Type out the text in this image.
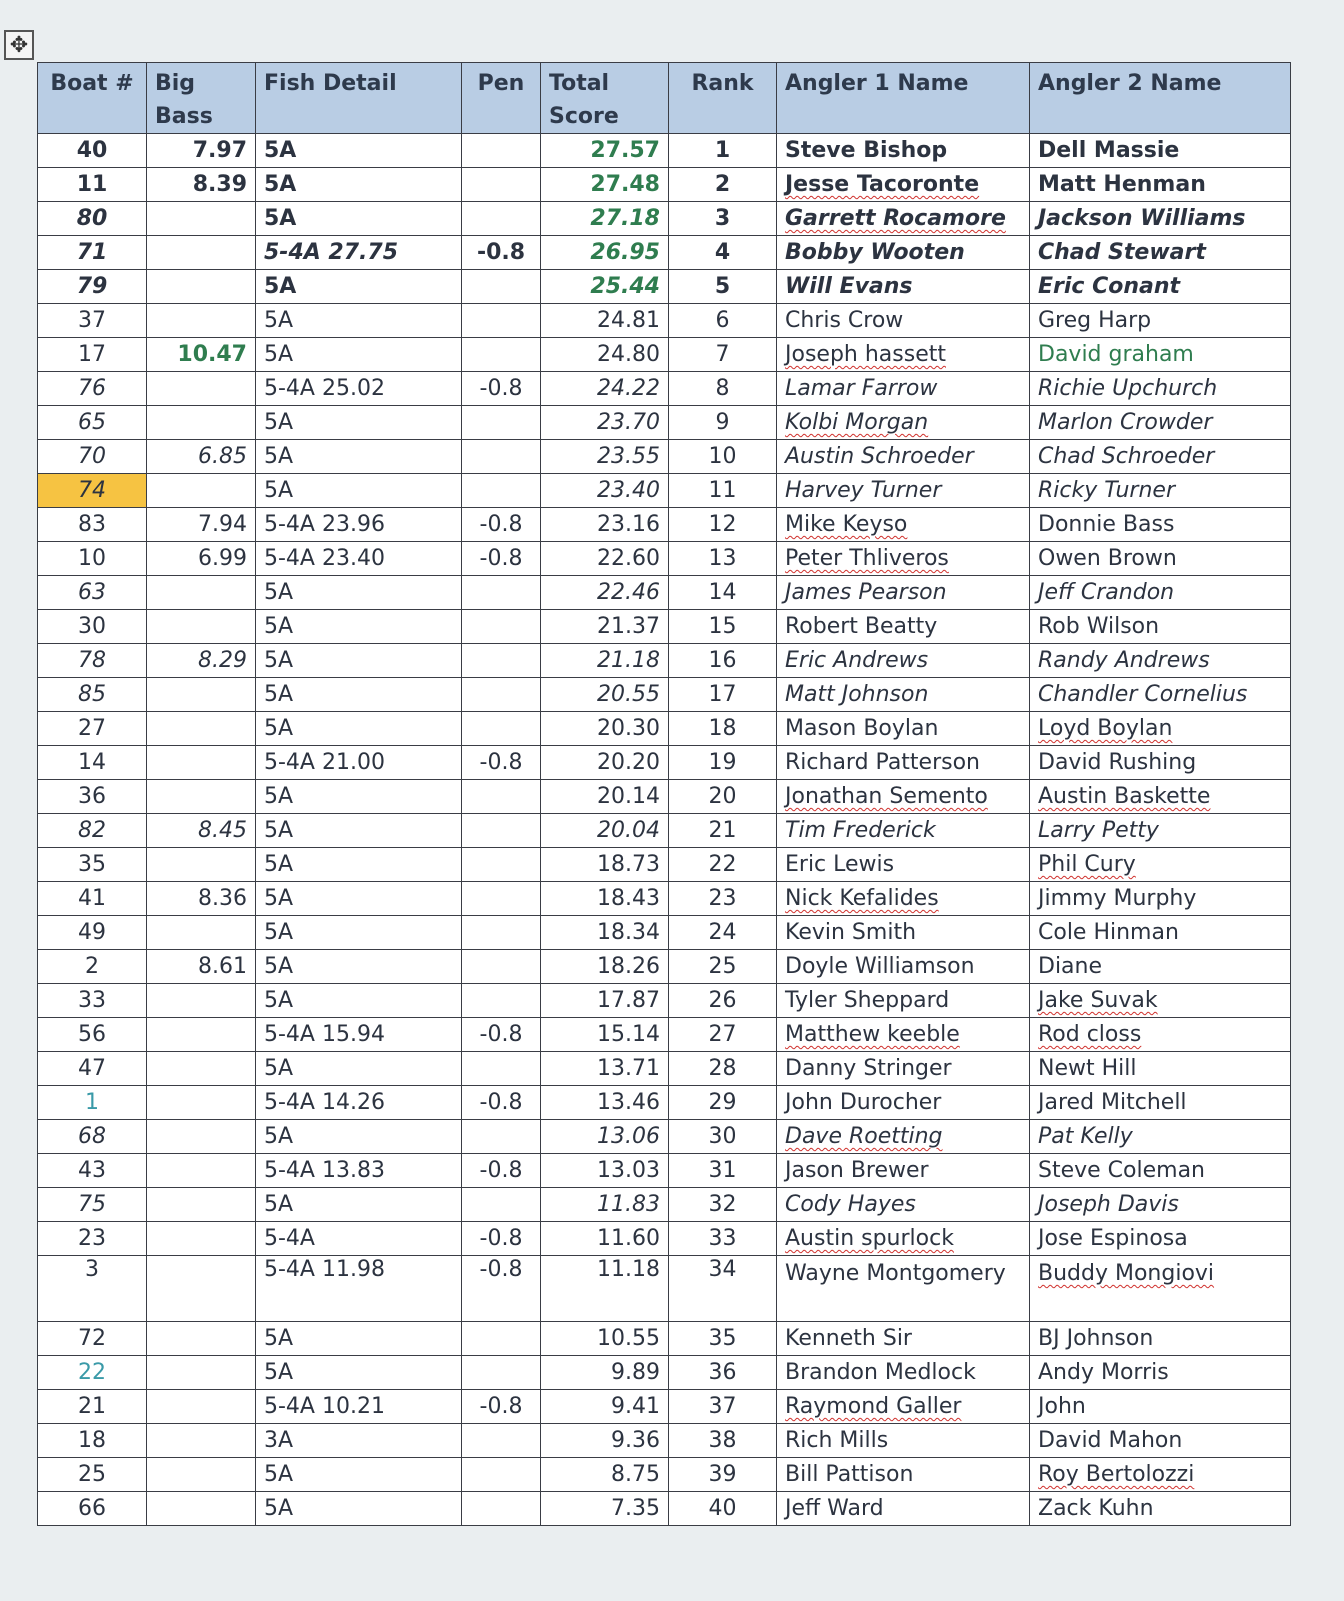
✥
Boat #	Big Bass	Fish Detail	Pen	Total Score	Rank	Angler 1 Name	Angler 2 Name
40	7.97	5A		27.57	1	Steve Bishop	Dell Massie
11	8.39	5A		27.48	2	Jesse Tacoronte	Matt Henman
80		5A		27.18	3	Garrett Rocamore	Jackson Williams
71		5-4A 27.75	-0.8	26.95	4	Bobby Wooten	Chad Stewart
79		5A		25.44	5	Will Evans	Eric Conant
37		5A		24.81	6	Chris Crow	Greg Harp
17	10.47	5A		24.80	7	Joseph hassett	David graham
76		5-4A 25.02	-0.8	24.22	8	Lamar Farrow	Richie Upchurch
65		5A		23.70	9	Kolbi Morgan	Marlon Crowder
70	6.85	5A		23.55	10	Austin Schroeder	Chad Schroeder
74		5A		23.40	11	Harvey Turner	Ricky Turner
83	7.94	5-4A 23.96	-0.8	23.16	12	Mike Keyso	Donnie Bass
10	6.99	5-4A 23.40	-0.8	22.60	13	Peter Thliveros	Owen Brown
63		5A		22.46	14	James Pearson	Jeff Crandon
30		5A		21.37	15	Robert Beatty	Rob Wilson
78	8.29	5A		21.18	16	Eric Andrews	Randy Andrews
85		5A		20.55	17	Matt Johnson	Chandler Cornelius
27		5A		20.30	18	Mason Boylan	Loyd Boylan
14		5-4A 21.00	-0.8	20.20	19	Richard Patterson	David Rushing
36		5A		20.14	20	Jonathan Semento	Austin Baskette
82	8.45	5A		20.04	21	Tim Frederick	Larry Petty
35		5A		18.73	22	Eric Lewis	Phil Cury
41	8.36	5A		18.43	23	Nick Kefalides	Jimmy Murphy
49		5A		18.34	24	Kevin Smith	Cole Hinman
2	8.61	5A		18.26	25	Doyle Williamson	Diane
33		5A		17.87	26	Tyler Sheppard	Jake Suvak
56		5-4A 15.94	-0.8	15.14	27	Matthew keeble	Rod closs
47		5A		13.71	28	Danny Stringer	Newt Hill
1		5-4A 14.26	-0.8	13.46	29	John Durocher	Jared Mitchell
68		5A		13.06	30	Dave Roetting	Pat Kelly
43		5-4A 13.83	-0.8	13.03	31	Jason Brewer	Steve Coleman
75		5A		11.83	32	Cody Hayes	Joseph Davis
23		5-4A	-0.8	11.60	33	Austin spurlock	Jose Espinosa
3		5-4A 11.98	-0.8	11.18	34	Wayne Montgomery	Buddy Mongiovi
72		5A		10.55	35	Kenneth Sir	BJ Johnson
22		5A		9.89	36	Brandon Medlock	Andy Morris
21		5-4A 10.21	-0.8	9.41	37	Raymond Galler	John
18		3A		9.36	38	Rich Mills	David Mahon
25		5A		8.75	39	Bill Pattison	Roy Bertolozzi
66		5A		7.35	40	Jeff Ward	Zack Kuhn
